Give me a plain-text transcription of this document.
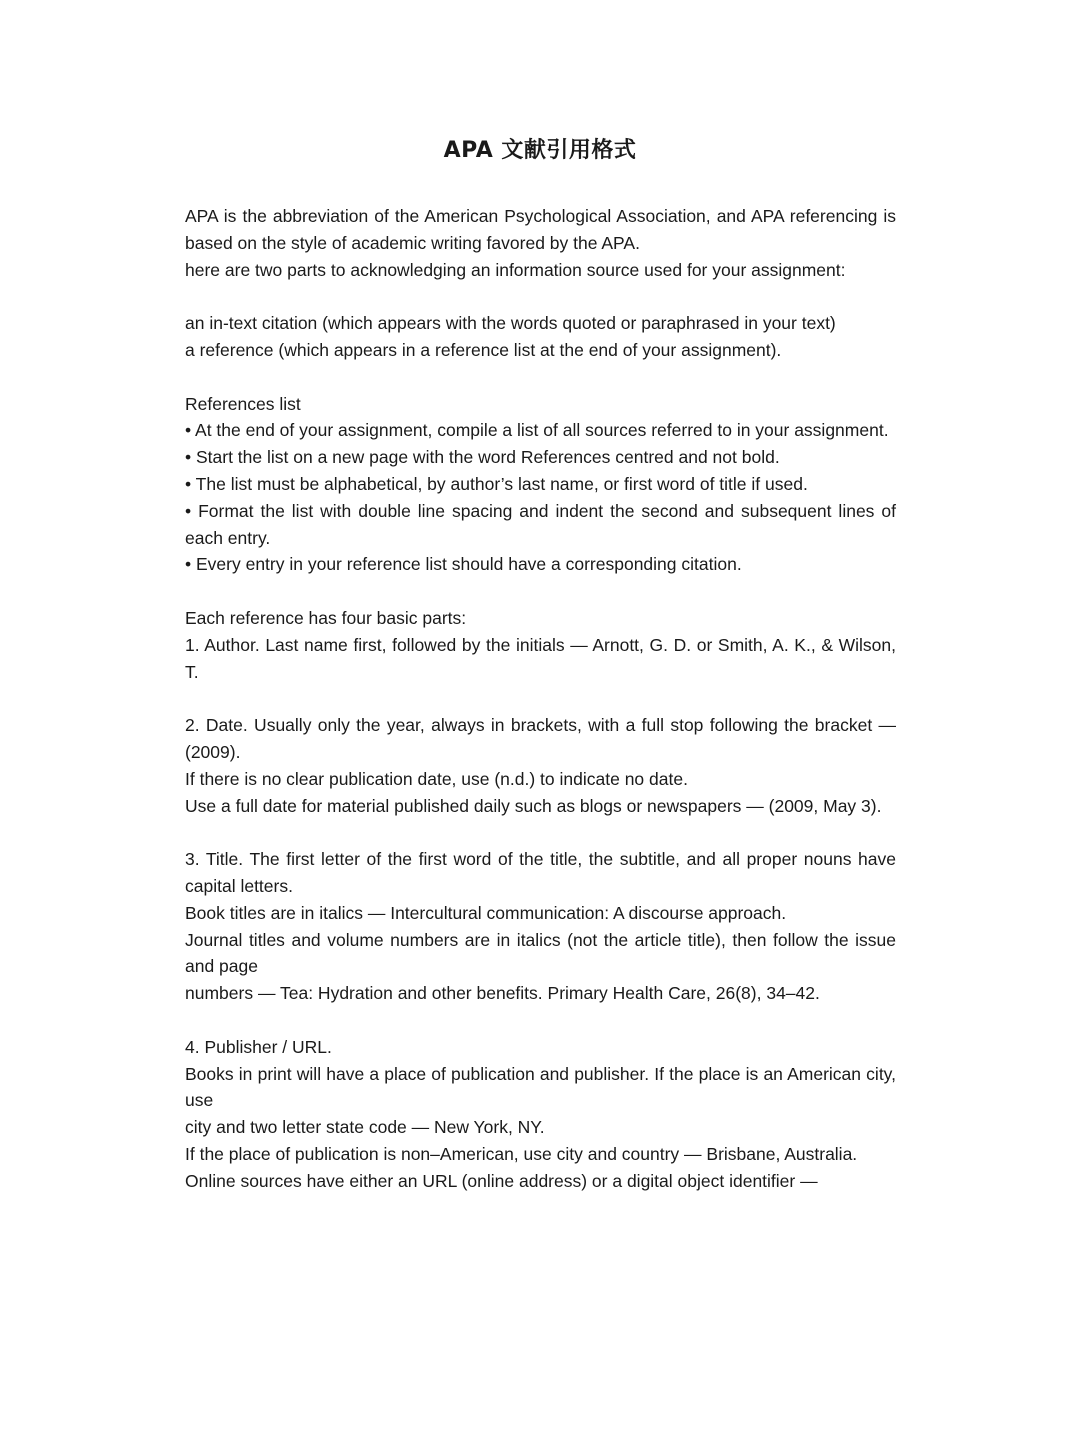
APA 文献引用格式

APA is the abbreviation of the American Psychological Association, and APA referencing is based on the style of academic writing favored by the APA.

here are two parts to acknowledging an information source used for your assignment:

an in-text citation (which appears with the words quoted or paraphrased in your text)

a reference (which appears in a reference list at the end of your assignment).

References list

• At the end of your assignment, compile a list of all sources referred to in your assignment.

• Start the list on a new page with the word References centred and not bold.

• The list must be alphabetical, by author’s last name, or first word of title if used.

• Format the list with double line spacing and indent the second and subsequent lines of each entry.

• Every entry in your reference list should have a corresponding citation.

Each reference has four basic parts:

1. Author. Last name first, followed by the initials — Arnott, G. D. or Smith, A. K., & Wilson, T.

2. Date. Usually only the year, always in brackets, with a full stop following the bracket — (2009).

If there is no clear publication date, use (n.d.) to indicate no date.

Use a full date for material published daily such as blogs or newspapers — (2009, May 3).

3. Title. The first letter of the first word of the title, the subtitle, and all proper nouns have capital letters.

Book titles are in italics — Intercultural communication: A discourse approach.

Journal titles and volume numbers are in italics (not the article title), then follow the issue and page

numbers — Tea: Hydration and other benefits. Primary Health Care, 26(8), 34–42.

4. Publisher / URL.

Books in print will have a place of publication and publisher. If the place is an American city, use

city and two letter state code — New York, NY.

If the place of publication is non–American, use city and country — Brisbane, Australia.

Online sources have either an URL (online address) or a digital object identifier —
